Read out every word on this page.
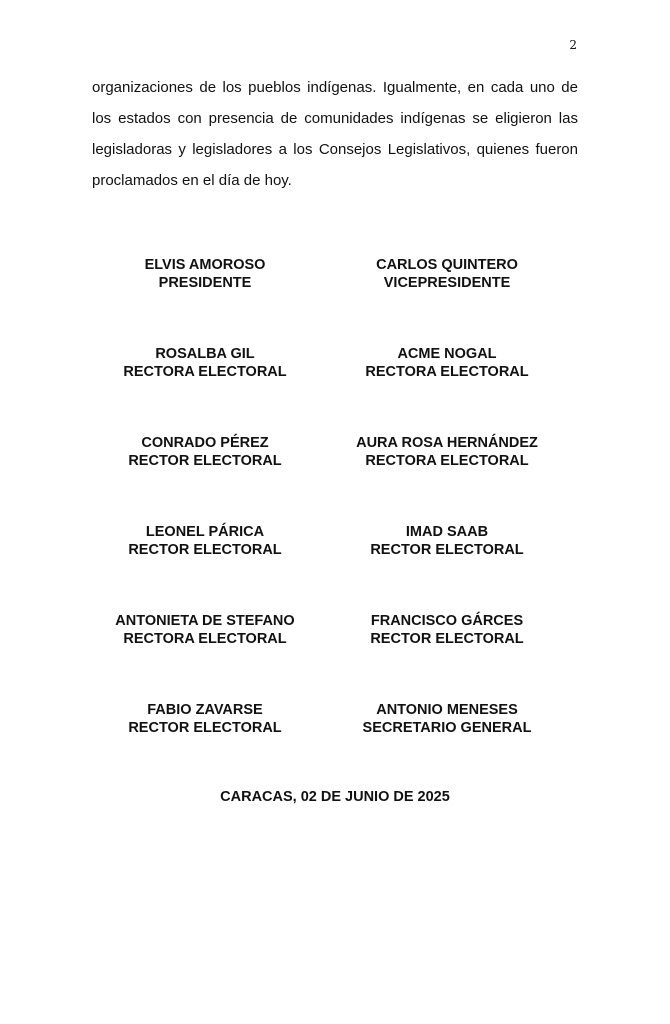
2

organizaciones de los pueblos indígenas. Igualmente, en cada uno de los estados con presencia de comunidades indígenas se eligieron las legisladoras y legisladores a los Consejos Legislativos, quienes fueron proclamados en el día de hoy.

ELVIS AMOROSO
PRESIDENTE
CARLOS QUINTERO
VICEPRESIDENTE
ROSALBA GIL
RECTORA ELECTORAL
ACME NOGAL
RECTORA ELECTORAL
CONRADO PÉREZ
RECTOR ELECTORAL
AURA ROSA HERNÁNDEZ
RECTORA ELECTORAL
LEONEL PÁRICA
RECTOR ELECTORAL
IMAD SAAB
RECTOR ELECTORAL
ANTONIETA DE STEFANO
RECTORA ELECTORAL
FRANCISCO GÁRCES
RECTOR ELECTORAL
FABIO ZAVARSE
RECTOR ELECTORAL
ANTONIO MENESES
SECRETARIO GENERAL
CARACAS, 02 DE JUNIO DE 2025
